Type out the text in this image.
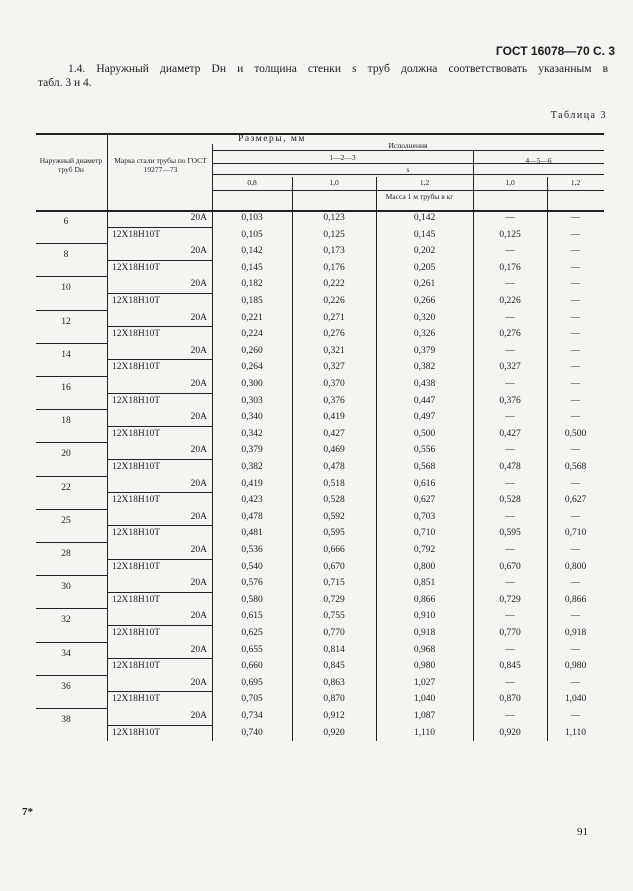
ГОСТ 16078—70 С. 3
1.4. Наружный диаметр Dн и толщина стенки s труб должна соответствовать указанным в
табл. 3 и 4.
Таблица 3
Размеры, мм
Наружный диаметр труб Dн
Марка стали трубы по ГОСТ 19277—73
Исполнения
1—2—3	4—5—6
s
0,8	1,0	1,2	1,0	1,2
Масса 1 м трубы в кг
6	20А	0,103	0,123	0,142	—	—
12Х18Н10Т	0,105	0,125	0,145	0,125	—
8	20А	0,142	0,173	0,202	—	—
12Х18Н10Т	0,145	0,176	0,205	0,176	—
10	20А	0,182	0,222	0,261	—	—
12Х18Н10Т	0,185	0,226	0,266	0,226	—
12	20А	0,221	0,271	0,320	—	—
12Х18Н10Т	0,224	0,276	0,326	0,276	—
14	20А	0,260	0,321	0,379	—	—
12Х18Н10Т	0,264	0,327	0,382	0,327	—
16	20А	0,300	0,370	0,438	—	—
12Х18Н10Т	0,303	0,376	0,447	0,376	—
18	20А	0,340	0,419	0,497	—	—
12Х18Н10Т	0,342	0,427	0,500	0,427	0,500
20	20А	0,379	0,469	0,556	—	—
12Х18Н10Т	0,382	0,478	0,568	0,478	0,568
22	20А	0,419	0,518	0,616	—	—
12Х18Н10Т	0,423	0,528	0,627	0,528	0,627
25	20А	0,478	0,592	0,703	—	—
12Х18Н10Т	0,481	0,595	0,710	0,595	0,710
28	20А	0,536	0,666	0,792	—	—
12Х18Н10Т	0,540	0,670	0,800	0,670	0,800
30	20А	0,576	0,715	0,851	—	—
12Х18Н10Т	0,580	0,729	0,866	0,729	0,866
32	20А	0,615	0,755	0,910	—	—
12Х18Н10Т	0,625	0,770	0,918	0,770	0,918
34	20А	0,655	0,814	0,968	—	—
12Х18Н10Т	0,660	0,845	0,980	0,845	0,980
36	20А	0,695	0,863	1,027	—	—
12Х18Н10Т	0,705	0,870	1,040	0,870	1,040
38	20А	0,734	0,912	1,087	—	—
12Х18Н10Т	0,740	0,920	1,110	0,920	1,110
7*
91
